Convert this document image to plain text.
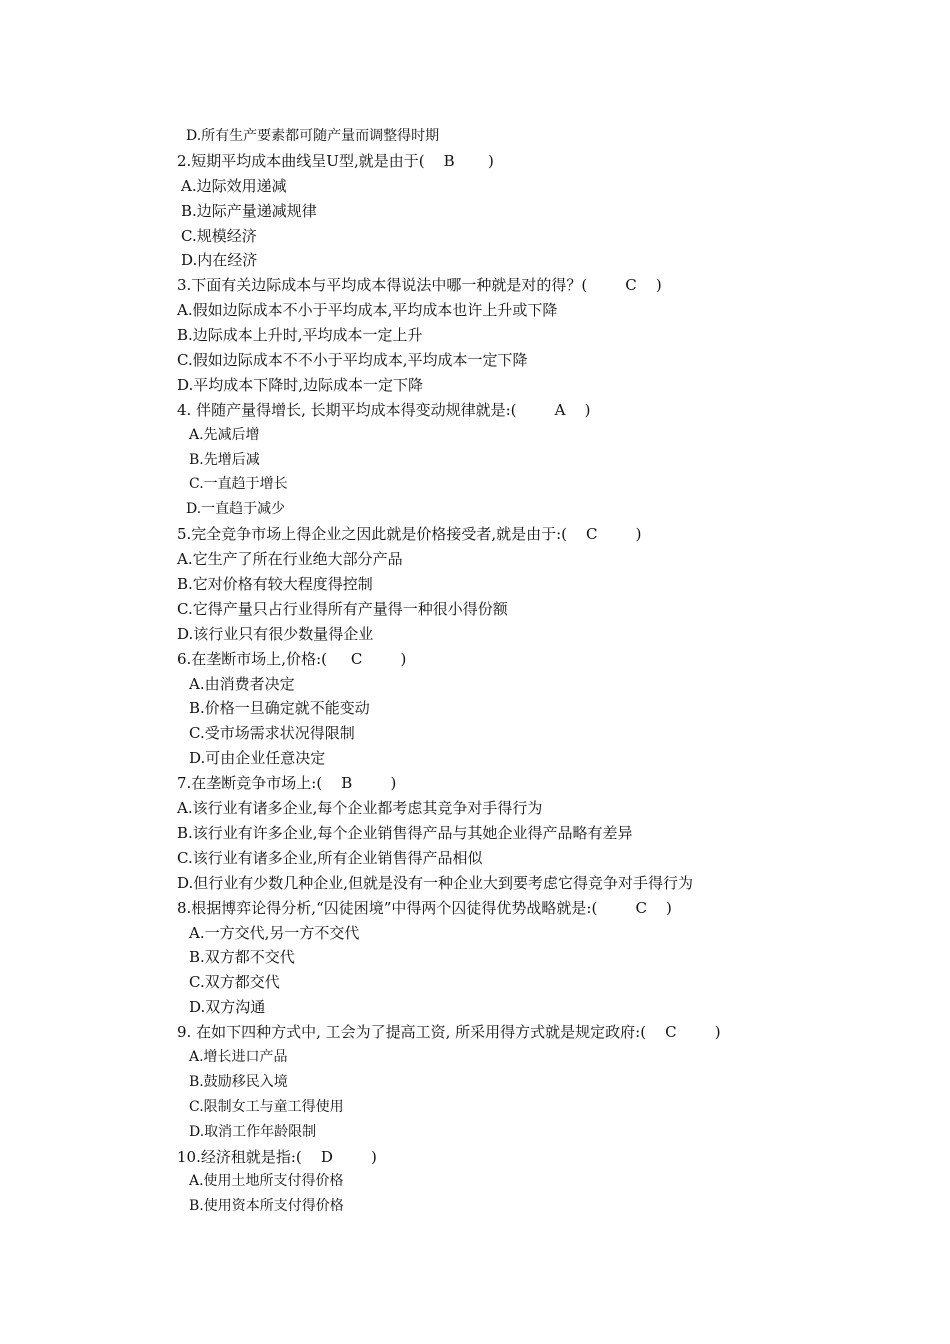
D.所有生产要素都可随产量而调整得时期
2.短期平均成本曲线呈U型,就是由于(    B       )
A.边际效用递减
B.边际产量递减规律
C.规模经济
D.内在经济
3.下面有关边际成本与平均成本得说法中哪一种就是对的得？(        C    )
A.假如边际成本不小于平均成本,平均成本也许上升或下降
B.边际成本上升时,平均成本一定上升
C.假如边际成本不不小于平均成本,平均成本一定下降
D.平均成本下降时,边际成本一定下降
4. 伴随产量得增长, 长期平均成本得变动规律就是:(        A    )
A.先减后增
B.先增后减
C.一直趋于增长
D.一直趋于减少
5.完全竞争市场上得企业之因此就是价格接受者,就是由于:(    C        )
A.它生产了所在行业绝大部分产品
B.它对价格有较大程度得控制
C.它得产量只占行业得所有产量得一种很小得份额
D.该行业只有很少数量得企业
6.在垄断市场上,价格:(     C        )
A.由消费者决定
B.价格一旦确定就不能变动
C.受市场需求状况得限制
D.可由企业任意决定
7.在垄断竞争市场上:(    B        )
A.该行业有诸多企业,每个企业都考虑其竞争对手得行为
B.该行业有许多企业,每个企业销售得产品与其她企业得产品略有差异
C.该行业有诸多企业,所有企业销售得产品相似
D.但行业有少数几种企业,但就是没有一种企业大到要考虑它得竞争对手得行为
8.根据博弈论得分析,“囚徒困境”中得两个囚徒得优势战略就是:(        C    )
A.一方交代,另一方不交代
B.双方都不交代
C.双方都交代
D.双方沟通
9. 在如下四种方式中, 工会为了提高工资, 所采用得方式就是规定政府:(    C        )
A.增长进口产品
B.鼓励移民入境
C.限制女工与童工得使用
D.取消工作年龄限制
10.经济租就是指:(    D        )
A.使用土地所支付得价格
B.使用资本所支付得价格
